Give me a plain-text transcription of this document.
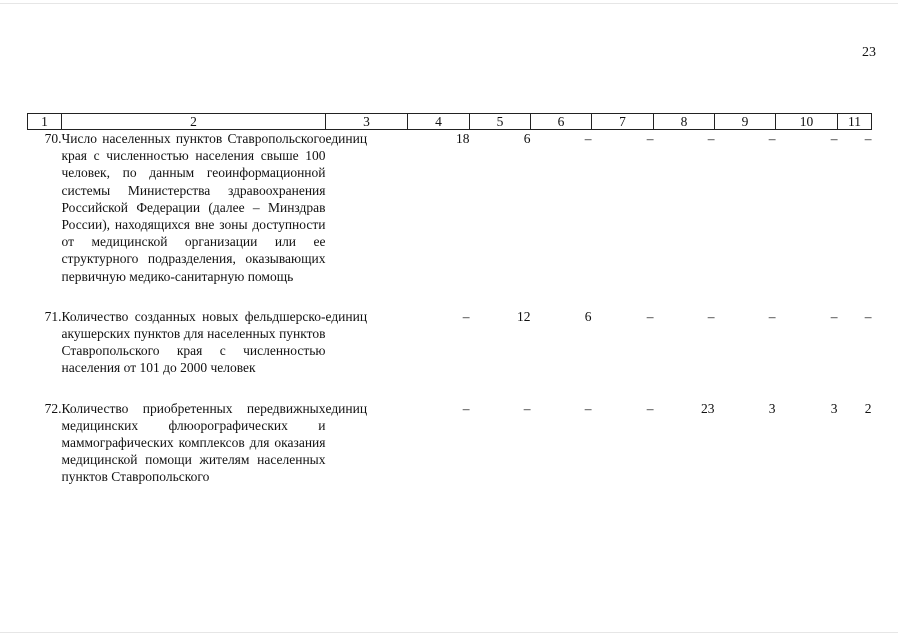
23
1	2	3	4	5	6	7	8	9	10	11
70.	Число населенных пунктов Ставропольского края с численностью населения свыше 100 человек, по данным геоинформационной системы Министерства здравоохранения Российской Федерации (далее – Минздрав России), находящихся вне зоны доступности от медицинской организации или ее структурного подразделения, оказывающих первичную медико-санитарную помощь	единиц	18	6	–	–	–	–	–	–

71.	Количество созданных новых фельдшерско-акушерских пунктов для населенных пунктов Ставропольского края с численностью населения от 101 до 2000 человек	единиц	–	12	6	–	–	–	–	–

72.	Количество приобретенных передвижных медицинских флюорографических и маммографических комплексов для оказания медицинской помощи жителям населенных пунктов Ставропольского	единиц	–	–	–	–	23	3	3	2
